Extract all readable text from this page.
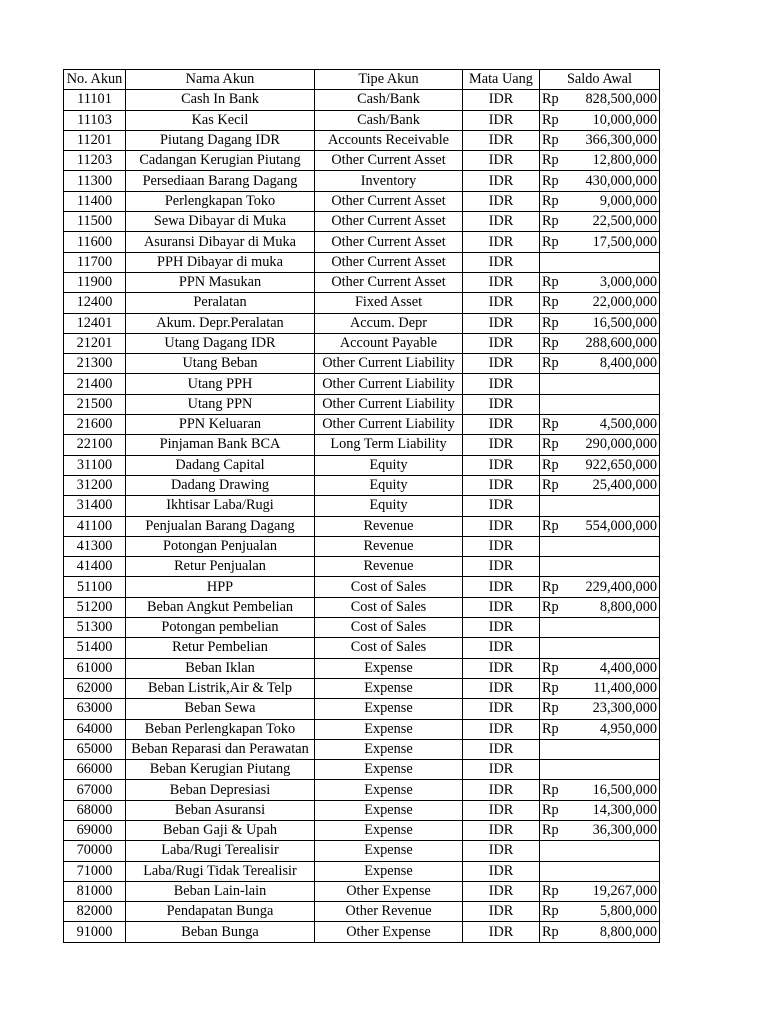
No. Akun	Nama Akun	Tipe Akun	Mata Uang	Saldo Awal	
11101	Cash In Bank	Cash/Bank	IDR	Rp	828,500,000
11103	Kas Kecil	Cash/Bank	IDR	Rp	10,000,000
11201	Piutang Dagang IDR	Accounts Receivable	IDR	Rp	366,300,000
11203	Cadangan Kerugian Piutang	Other Current Asset	IDR	Rp	12,800,000
11300	Persediaan Barang Dagang	Inventory	IDR	Rp	430,000,000
11400	Perlengkapan Toko	Other Current Asset	IDR	Rp	9,000,000
11500	Sewa Dibayar di Muka	Other Current Asset	IDR	Rp	22,500,000
11600	Asuransi Dibayar di Muka	Other Current Asset	IDR	Rp	17,500,000
11700	PPH Dibayar di muka	Other Current Asset	IDR		
11900	PPN Masukan	Other Current Asset	IDR	Rp	3,000,000
12400	Peralatan	Fixed Asset	IDR	Rp	22,000,000
12401	Akum. Depr.Peralatan	Accum. Depr	IDR	Rp	16,500,000
21201	Utang Dagang IDR	Account Payable	IDR	Rp	288,600,000
21300	Utang Beban	Other Current Liability	IDR	Rp	8,400,000
21400	Utang PPH	Other Current Liability	IDR		
21500	Utang PPN	Other Current Liability	IDR		
21600	PPN Keluaran	Other Current Liability	IDR	Rp	4,500,000
22100	Pinjaman Bank BCA	Long Term Liability	IDR	Rp	290,000,000
31100	Dadang Capital	Equity	IDR	Rp	922,650,000
31200	Dadang Drawing	Equity	IDR	Rp	25,400,000
31400	Ikhtisar Laba/Rugi	Equity	IDR		
41100	Penjualan Barang Dagang	Revenue	IDR	Rp	554,000,000
41300	Potongan Penjualan	Revenue	IDR		
41400	Retur Penjualan	Revenue	IDR		
51100	HPP	Cost of Sales	IDR	Rp	229,400,000
51200	Beban Angkut Pembelian	Cost of Sales	IDR	Rp	8,800,000
51300	Potongan pembelian	Cost of Sales	IDR		
51400	Retur Pembelian	Cost of Sales	IDR		
61000	Beban Iklan	Expense	IDR	Rp	4,400,000
62000	Beban Listrik,Air & Telp	Expense	IDR	Rp	11,400,000
63000	Beban Sewa	Expense	IDR	Rp	23,300,000
64000	Beban Perlengkapan Toko	Expense	IDR	Rp	4,950,000
65000	Beban Reparasi dan Perawatan	Expense	IDR		
66000	Beban Kerugian Piutang	Expense	IDR		
67000	Beban Depresiasi	Expense	IDR	Rp	16,500,000
68000	Beban Asuransi	Expense	IDR	Rp	14,300,000
69000	Beban Gaji & Upah	Expense	IDR	Rp	36,300,000
70000	Laba/Rugi Terealisir	Expense	IDR		
71000	Laba/Rugi Tidak Terealisir	Expense	IDR		
81000	Beban Lain-lain	Other Expense	IDR	Rp	19,267,000
82000	Pendapatan Bunga	Other Revenue	IDR	Rp	5,800,000
91000	Beban Bunga	Other Expense	IDR	Rp	8,800,000
